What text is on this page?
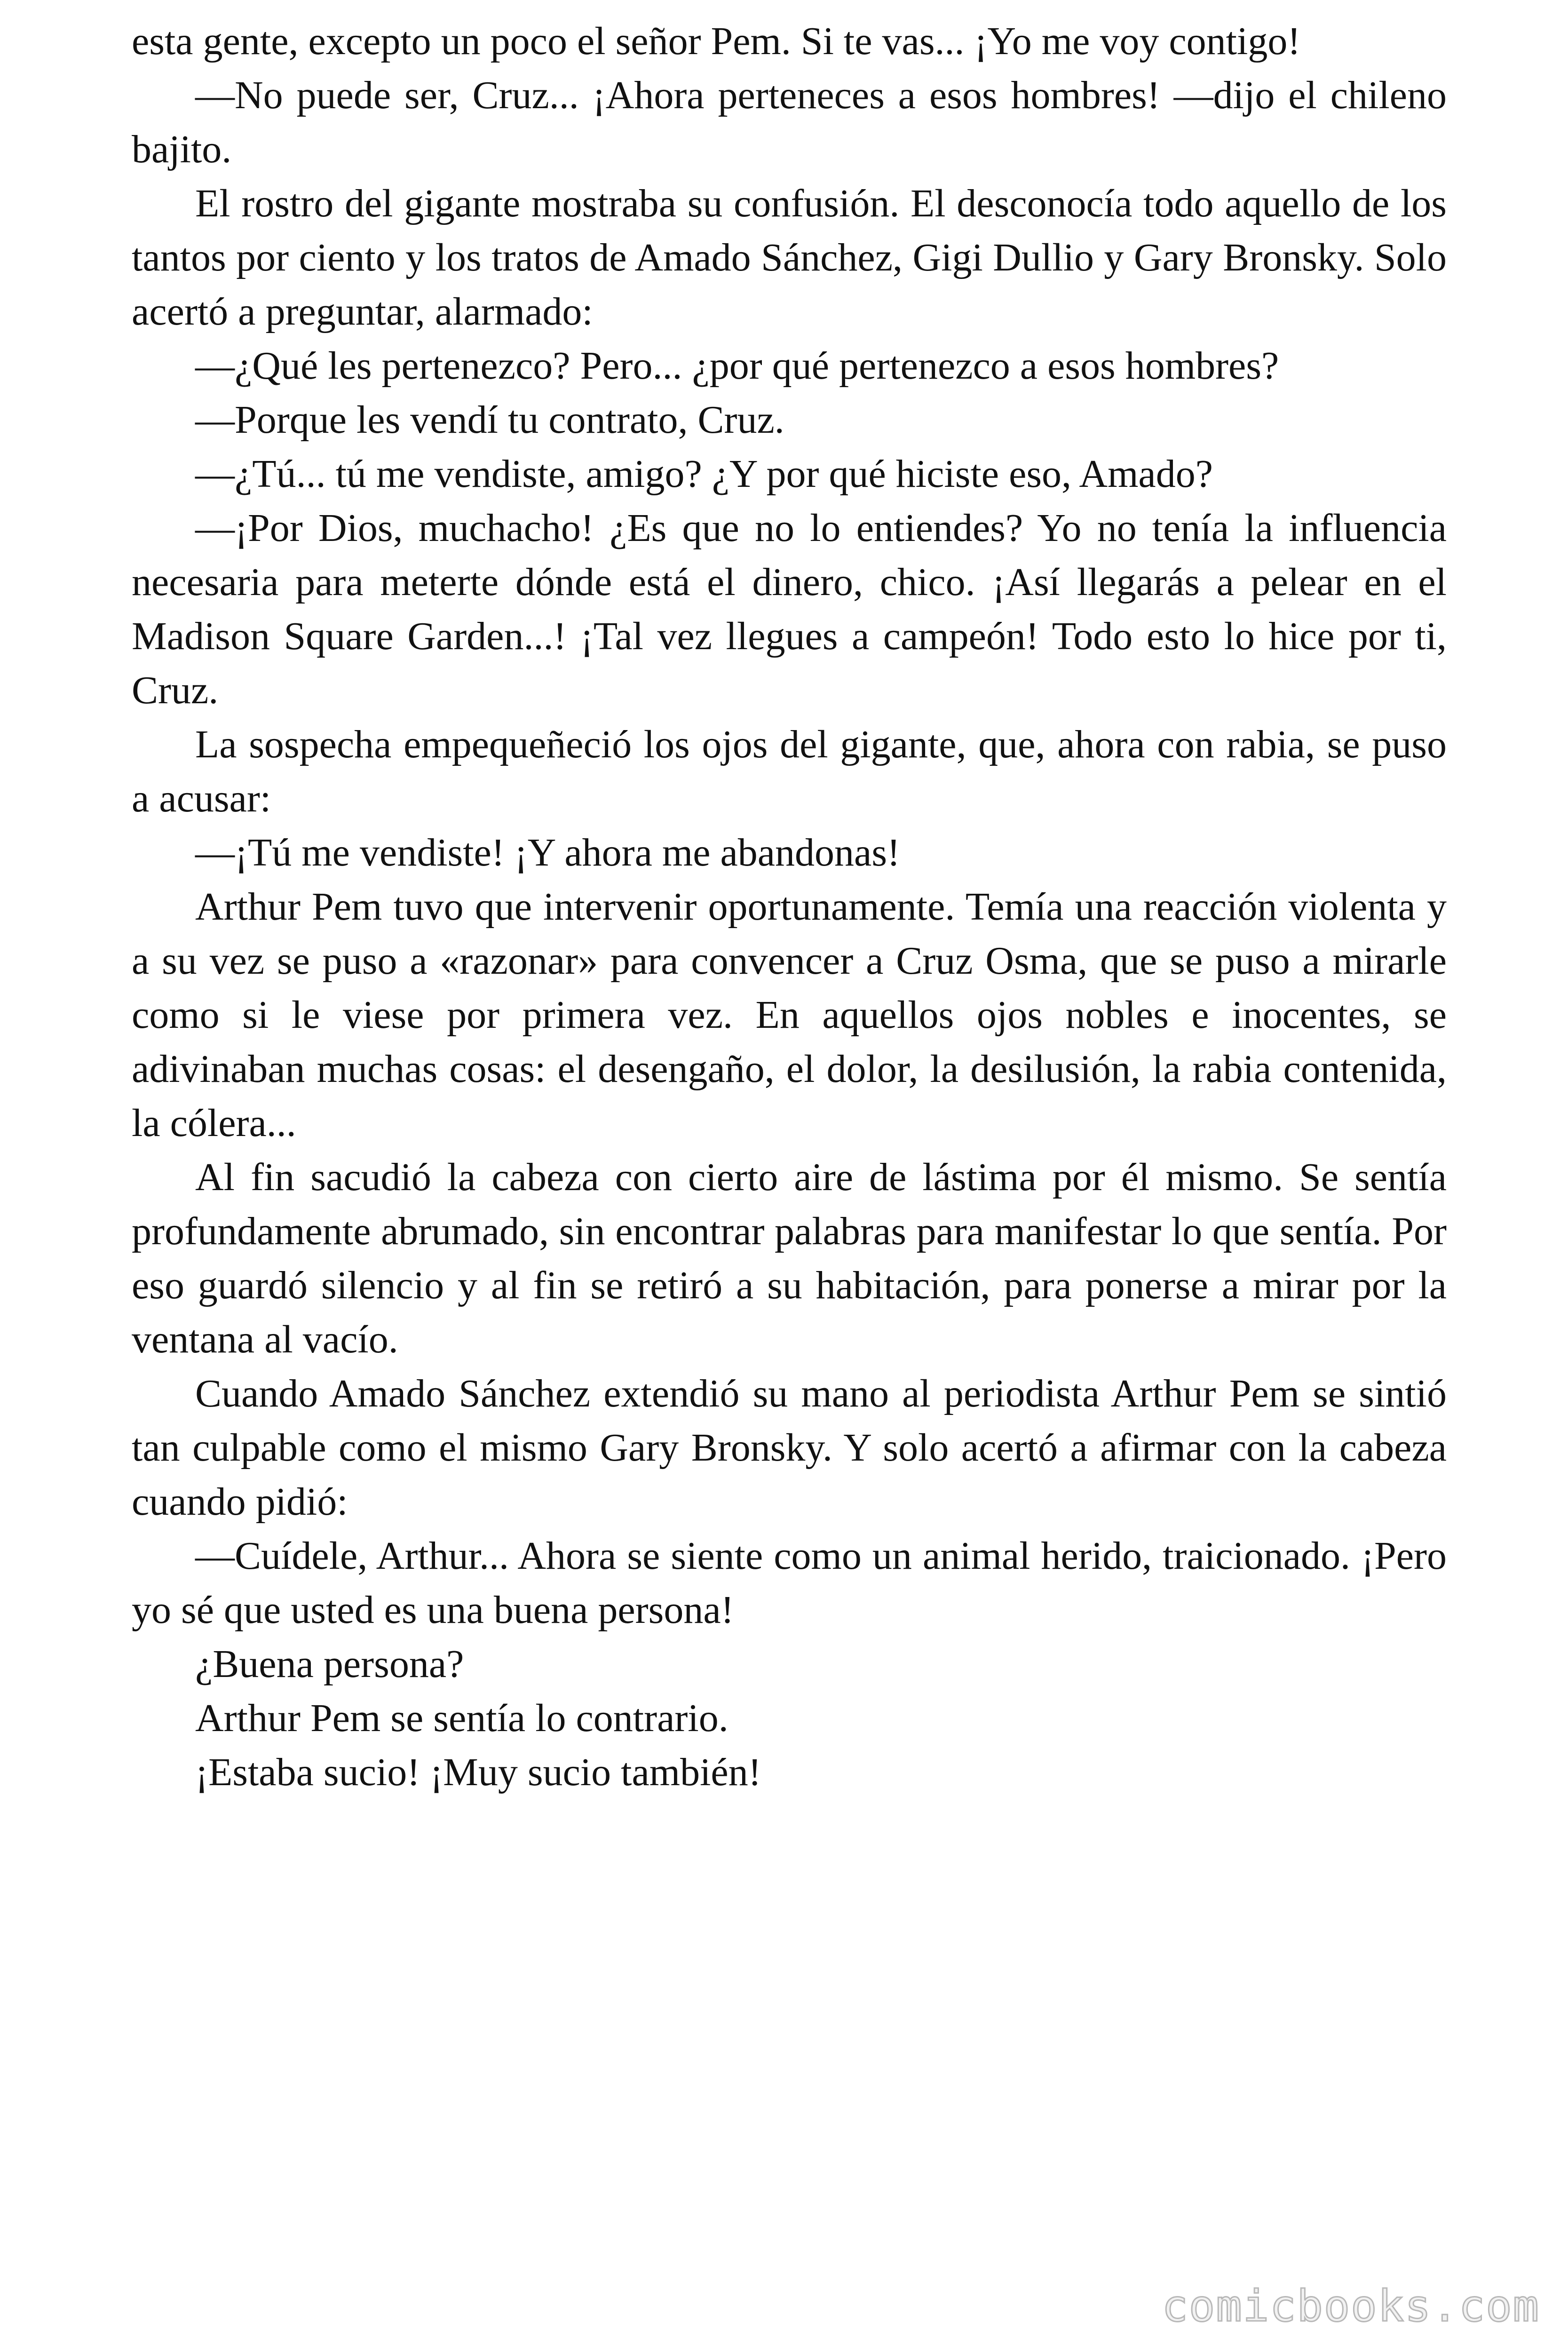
esta gente, excepto un poco el señor Pem. Si te vas... ¡Yo me voy contigo!

—No puede ser, Cruz... ¡Ahora perteneces a esos hombres! —dijo el chileno bajito.

El rostro del gigante mostraba su confusión. El desconocía todo aquello de los tantos por ciento y los tratos de Amado Sánchez, Gigi Dullio y Gary Bronsky. Solo acertó a preguntar, alarmado:

—¿Qué les pertenezco? Pero... ¿por qué pertenezco a esos hombres?

—Porque les vendí tu contrato, Cruz.

—¿Tú... tú me vendiste, amigo? ¿Y por qué hiciste eso, Amado?

—¡Por Dios, muchacho! ¿Es que no lo entiendes? Yo no tenía la influencia necesaria para meterte dónde está el dinero, chico. ¡Así llegarás a pelear en el Madison Square Garden...! ¡Tal vez llegues a campeón! Todo esto lo hice por ti, Cruz.

La sospecha empequeñeció los ojos del gigante, que, ahora con rabia, se puso a acusar:

—¡Tú me vendiste! ¡Y ahora me abandonas!

Arthur Pem tuvo que intervenir oportunamente. Temía una reacción violenta y a su vez se puso a «razonar» para convencer a Cruz Osma, que se puso a mirarle como si le viese por primera vez. En aquellos ojos nobles e inocentes, se adivinaban muchas cosas: el desengaño, el dolor, la desilusión, la rabia contenida, la cólera...

Al fin sacudió la cabeza con cierto aire de lástima por él mismo. Se sentía profundamente abrumado, sin encontrar palabras para manifestar lo que sentía. Por eso guardó silencio y al fin se retiró a su habitación, para ponerse a mirar por la ventana al vacío.

Cuando Amado Sánchez extendió su mano al periodista Arthur Pem se sintió tan culpable como el mismo Gary Bronsky. Y solo acertó a afirmar con la cabeza cuando pidió:

—Cuídele, Arthur... Ahora se siente como un animal herido, traicionado. ¡Pero yo sé que usted es una buena persona!

¿Buena persona?

Arthur Pem se sentía lo contrario.

¡Estaba sucio! ¡Muy sucio también!

comicbooks.com
